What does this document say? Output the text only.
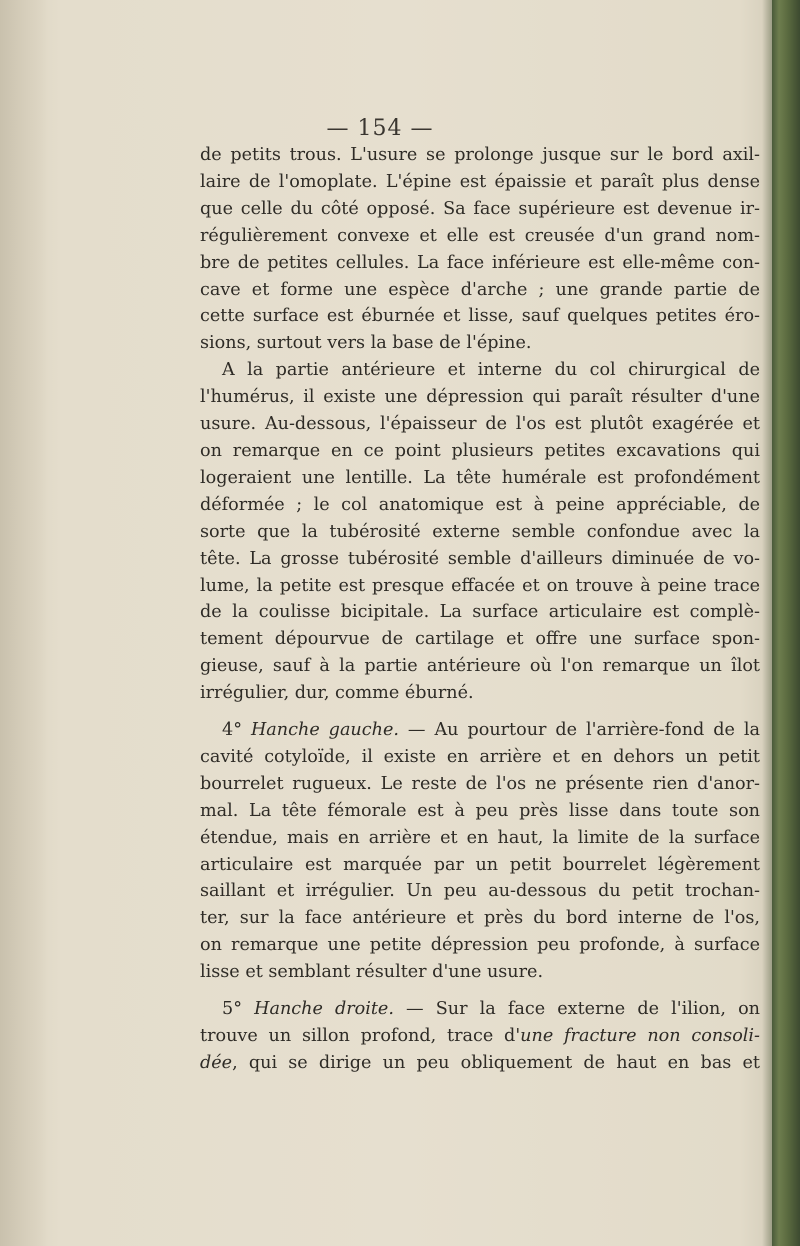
— 154 —

de petits trous. L'usure se prolonge jusque sur le bord axil-
laire de l'omoplate. L'épine est épaissie et paraît plus dense
que celle du côté opposé. Sa face supérieure est devenue ir-
régulièrement convexe et elle est creusée d'un grand nom-
bre de petites cellules. La face inférieure est elle-même con-
cave et forme une espèce d'arche ; une grande partie de
cette surface est éburnée et lisse, sauf quelques petites éro-
sions, surtout vers la base de l'épine.

A la partie antérieure et interne du col chirurgical de
l'humérus, il existe une dépression qui paraît résulter d'une
usure. Au-dessous, l'épaisseur de l'os est plutôt exagérée et
on remarque en ce point plusieurs petites excavations qui
logeraient une lentille. La tête humérale est profondément
déformée ; le col anatomique est à peine appréciable, de
sorte que la tubérosité externe semble confondue avec la
tête. La grosse tubérosité semble d'ailleurs diminuée de vo-
lume, la petite est presque effacée et on trouve à peine trace
de la coulisse bicipitale. La surface articulaire est complè-
tement dépourvue de cartilage et offre une surface spon-
gieuse, sauf à la partie antérieure où l'on remarque un îlot
irrégulier, dur, comme éburné.

4° Hanche gauche. — Au pourtour de l'arrière-fond de la
cavité cotyloïde, il existe en arrière et en dehors un petit
bourrelet rugueux. Le reste de l'os ne présente rien d'anor-
mal. La tête fémorale est à peu près lisse dans toute son
étendue, mais en arrière et en haut, la limite de la surface
articulaire est marquée par un petit bourrelet légèrement
saillant et irrégulier. Un peu au-dessous du petit trochan-
ter, sur la face antérieure et près du bord interne de l'os,
on remarque une petite dépression peu profonde, à surface
lisse et semblant résulter d'une usure.

5° Hanche droite. — Sur la face externe de l'ilion, on
trouve un sillon profond, trace d'une fracture non consoli-
dée, qui se dirige un peu obliquement de haut en bas et
